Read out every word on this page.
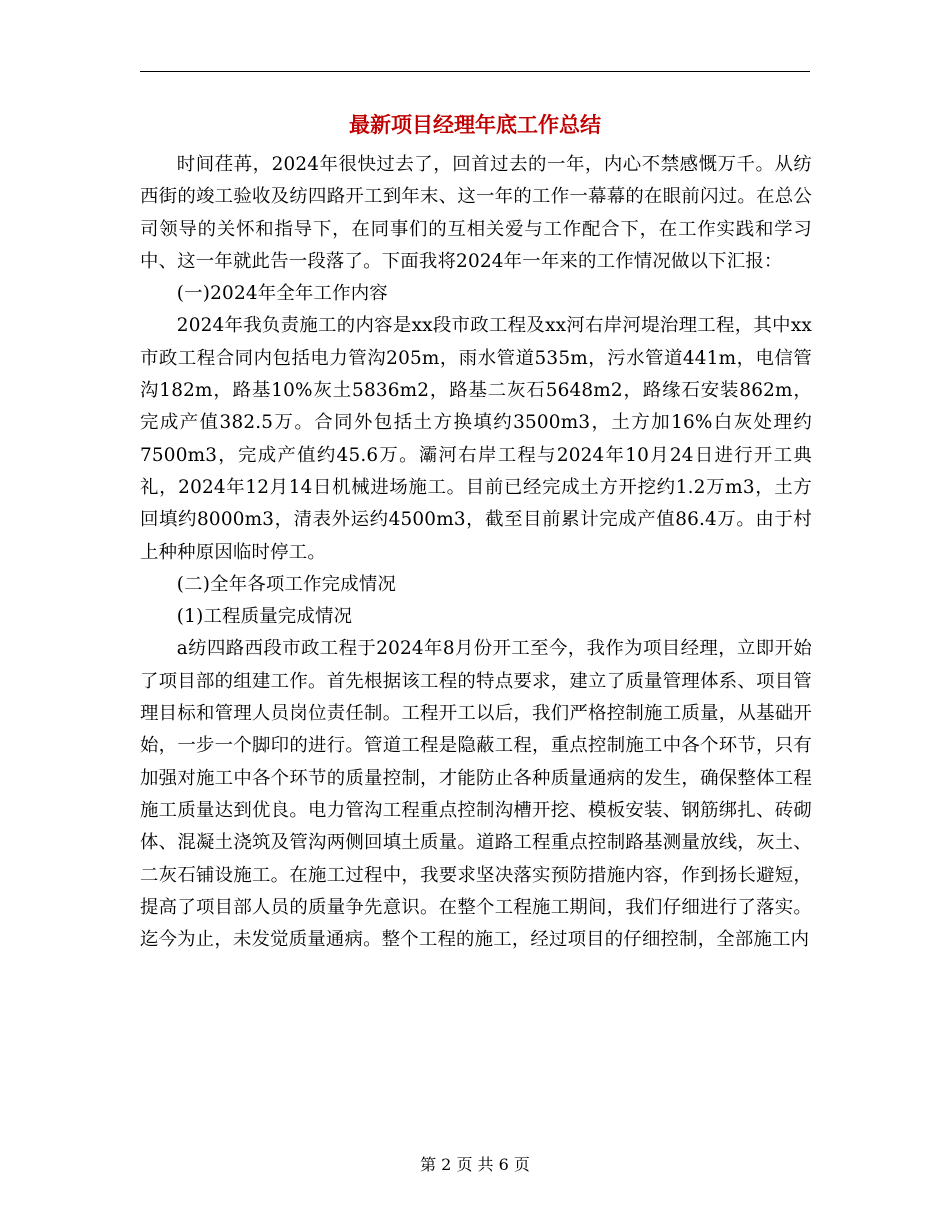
最新项目经理年底工作总结

时间荏苒，2024年很快过去了，回首过去的一年，内心不禁感慨万千。从纺西街的竣工验收及纺四路开工到年末、这一年的工作一幕幕的在眼前闪过。在总公司领导的关怀和指导下，在同事们的互相关爱与工作配合下，在工作实践和学习中、这一年就此告一段落了。下面我将2024年一年来的工作情况做以下汇报：

(一)2024年全年工作内容

2024年我负责施工的内容是xx段市政工程及xx河右岸河堤治理工程，其中xx市政工程合同内包括电力管沟205m，雨水管道535m，污水管道441m，电信管沟182m，路基10%灰土5836m2，路基二灰石5648m2，路缘石安装862m，完成产值382.5万。合同外包括土方换填约3500m3，土方加16%白灰处理约7500m3，完成产值约45.6万。灞河右岸工程与2024年10月24日进行开工典礼，2024年12月14日机械进场施工。目前已经完成土方开挖约1.2万m3，土方回填约8000m3，清表外运约4500m3，截至目前累计完成产值86.4万。由于村上种种原因临时停工。

(二)全年各项工作完成情况

(1)工程质量完成情况

a纺四路西段市政工程于2024年8月份开工至今，我作为项目经理，立即开始了项目部的组建工作。首先根据该工程的特点要求，建立了质量管理体系、项目管理目标和管理人员岗位责任制。工程开工以后，我们严格控制施工质量，从基础开始，一步一个脚印的进行。管道工程是隐蔽工程，重点控制施工中各个环节，只有加强对施工中各个环节的质量控制，才能防止各种质量通病的发生，确保整体工程施工质量达到优良。电力管沟工程重点控制沟槽开挖、模板安装、钢筋绑扎、砖砌体、混凝土浇筑及管沟两侧回填土质量。道路工程重点控制路基测量放线，灰土、二灰石铺设施工。在施工过程中，我要求坚决落实预防措施内容，作到扬长避短，提高了项目部人员的质量争先意识。在整个工程施工期间，我们仔细进行了落实。迄今为止，未发觉质量通病。整个工程的施工，经过项目的仔细控制，全部施工内

第 2 页 共 6 页
